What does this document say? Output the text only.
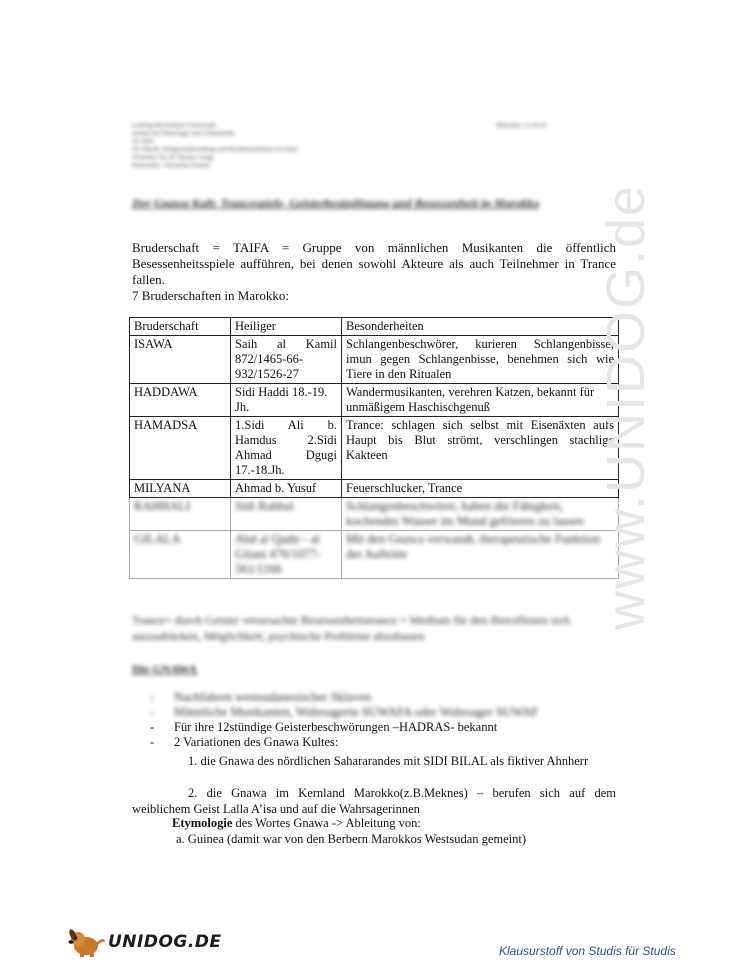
Ludwig-Maximilian-Universität
Institut für Ethnologie und Afrikanistik
SS 2005
PS: Musik, Heilgesundwerdung und Bessheitsnehmen im Islam
Dozentin: Dr. M. Becker-Aung
Referentin: Alexandra Polarin
München, 21.06.05
Der Gnawa Kult: Trancespiele, Geisterbesänftigung und Besessenheit in Marokko
Bruderschaft = TAIFA = Gruppe von männlichen Musikanten die öffentlich Besessenheitsspiele aufführen, bei denen sowohl Akteure als auch Teilnehmer in Trance fallen.
7 Bruderschaften in Marokko:
Bruderschaft	Heiliger	Besonderheiten
ISAWA	Saih al Kamil 872/1465-66-932/1526-27	Schlangenbeschwörer, kurieren Schlangenbisse, imun gegen Schlangenbisse, benehmen sich wie Tiere in den Ritualen
HADDAWA	Sidi Haddi 18.-19. Jh.	Wandermusikanten, verehren Katzen, bekannt für unmäßigem Haschischgenuß
HAMADSA	1.Sidi Ali b. Hamdus 2.Sidi Ahmad Dgugi 17.-18.Jh.	Trance: schlagen sich selbst mit Eisenäxten aufs Haupt bis Blut strömt, verschlingen stachlige Kakteen
MILYANA	Ahmad b. Yusuf	Feuerschlucker, Trance
RAHHALI	Sidi Rahhal	Schlangenbeschwörer, haben die Fähigkeit, kochendes Wasser im Mund gefrieren zu lassen
GILALA	Abd al Qadir - al Gilani 470/1077-561/1166	Mit den Gnawa verwandt, therapeutische Funktion der Auftritte
Trance= durch Geister verursachte Besessenheitstrance = Medium für den Betroffenen sich auszudrücken, Möglichkeit, psychische Probleme abzubauen
Die GNAWA
-	Nachfahren westsudanesischer Sklaven
-	Männliche Musikanten, Wahrsagerin SUWAFA oder Wahrsager SUWAF
-	Für ihre 12stündige Geisterbeschwörungen –HADRAS- bekannt
-	2 Variationen des Gnawa Kultes:
1. die Gnawa des nördlichen Sahararandes mit SIDI BILAL als fiktiver Ahnherr
2. die Gnawa im Kernland Marokko(z.B.Meknes) – berufen sich auf dem weiblichem Geist Lalla A’isa und auf die Wahrsagerinnen
Etymologie des Wortes Gnawa -> Ableitung von:
a. Guinea (damit war von den Berbern Marokkos Westsudan gemeint)
www.UNIDOG.de
UNIDOG.DE	Klausurstoff von Studis für Studis
